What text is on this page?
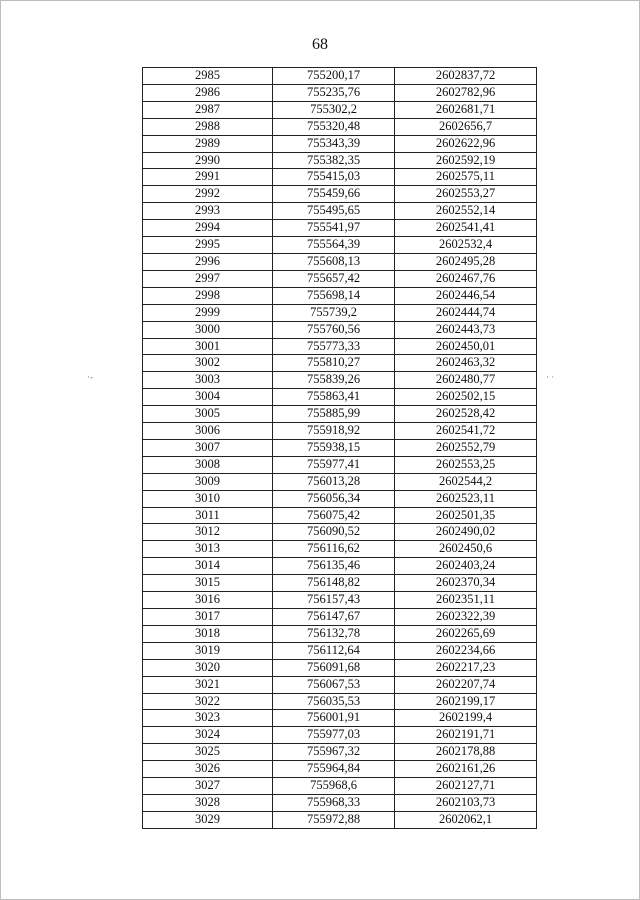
68
·-	· ·
2985	755200,17	2602837,72
2986	755235,76	2602782,96
2987	755302,2	2602681,71
2988	755320,48	2602656,7
2989	755343,39	2602622,96
2990	755382,35	2602592,19
2991	755415,03	2602575,11
2992	755459,66	2602553,27
2993	755495,65	2602552,14
2994	755541,97	2602541,41
2995	755564,39	2602532,4
2996	755608,13	2602495,28
2997	755657,42	2602467,76
2998	755698,14	2602446,54
2999	755739,2	2602444,74
3000	755760,56	2602443,73
3001	755773,33	2602450,01
3002	755810,27	2602463,32
3003	755839,26	2602480,77
3004	755863,41	2602502,15
3005	755885,99	2602528,42
3006	755918,92	2602541,72
3007	755938,15	2602552,79
3008	755977,41	2602553,25
3009	756013,28	2602544,2
3010	756056,34	2602523,11
3011	756075,42	2602501,35
3012	756090,52	2602490,02
3013	756116,62	2602450,6
3014	756135,46	2602403,24
3015	756148,82	2602370,34
3016	756157,43	2602351,11
3017	756147,67	2602322,39
3018	756132,78	2602265,69
3019	756112,64	2602234,66
3020	756091,68	2602217,23
3021	756067,53	2602207,74
3022	756035,53	2602199,17
3023	756001,91	2602199,4
3024	755977,03	2602191,71
3025	755967,32	2602178,88
3026	755964,84	2602161,26
3027	755968,6	2602127,71
3028	755968,33	2602103,73
3029	755972,88	2602062,1
